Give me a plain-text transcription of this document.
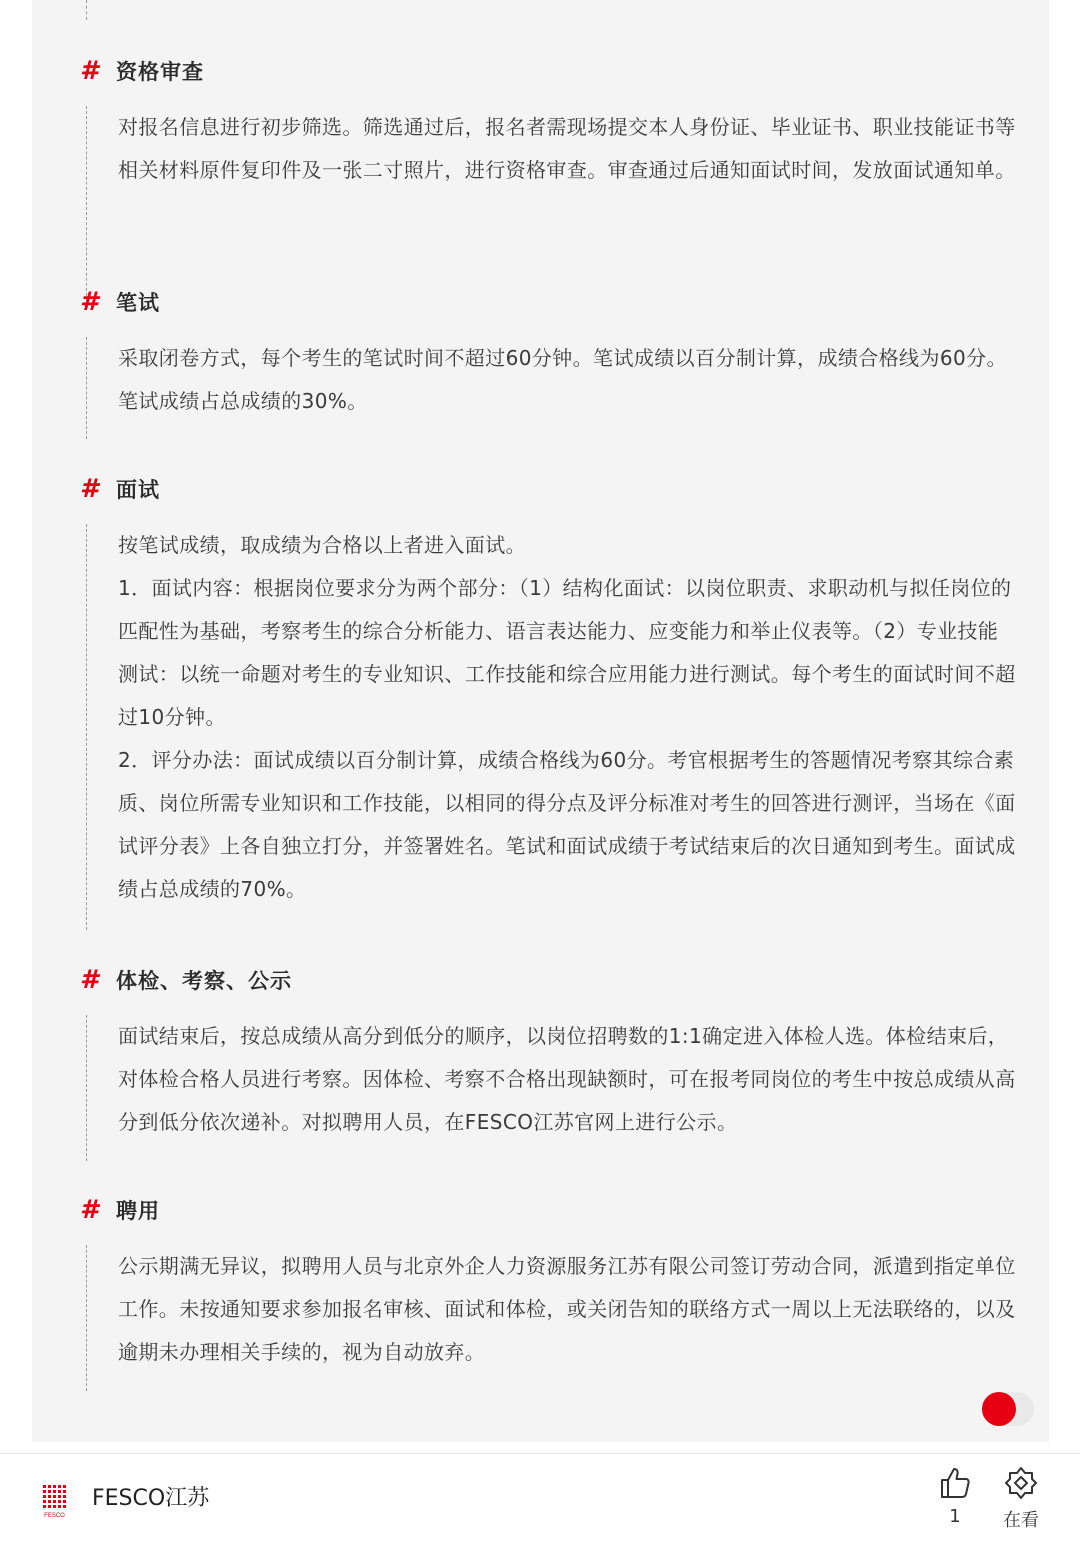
# 资格审查

对报名信息进行初步筛选。筛选通过后，报名者需现场提交本人身份证、毕业证书、职业技能证书等相关材料原件复印件及一张二寸照片，进行资格审查。审查通过后通知面试时间，发放面试通知单。

# 笔试

采取闭卷方式，每个考生的笔试时间不超过60分钟。笔试成绩以百分制计算，成绩合格线为60分。笔试成绩占总成绩的30%。

# 面试

按笔试成绩，取成绩为合格以上者进入面试。

1．面试内容：根据岗位要求分为两个部分：（1）结构化面试：以岗位职责、求职动机与拟任岗位的匹配性为基础，考察考生的综合分析能力、语言表达能力、应变能力和举止仪表等。（2）专业技能测试：以统一命题对考生的专业知识、工作技能和综合应用能力进行测试。每个考生的面试时间不超过10分钟。

2．评分办法：面试成绩以百分制计算，成绩合格线为60分。考官根据考生的答题情况考察其综合素质、岗位所需专业知识和工作技能，以相同的得分点及评分标准对考生的回答进行测评，当场在《面试评分表》上各自独立打分，并签署姓名。笔试和面试成绩于考试结束后的次日通知到考生。面试成绩占总成绩的70%。

# 体检、考察、公示

面试结束后，按总成绩从高分到低分的顺序，以岗位招聘数的1:1确定进入体检人选。体检结束后，对体检合格人员进行考察。因体检、考察不合格出现缺额时，可在报考同岗位的考生中按总成绩从高分到低分依次递补。对拟聘用人员，在FESCO江苏官网上进行公示。

# 聘用

公示期满无异议，拟聘用人员与北京外企人力资源服务江苏有限公司签订劳动合同，派遣到指定单位工作。未按通知要求参加报名审核、面试和体检，或关闭告知的联络方式一周以上无法联络的，以及逾期未办理相关手续的，视为自动放弃。

FESCO
FESCO江苏
1	在看
